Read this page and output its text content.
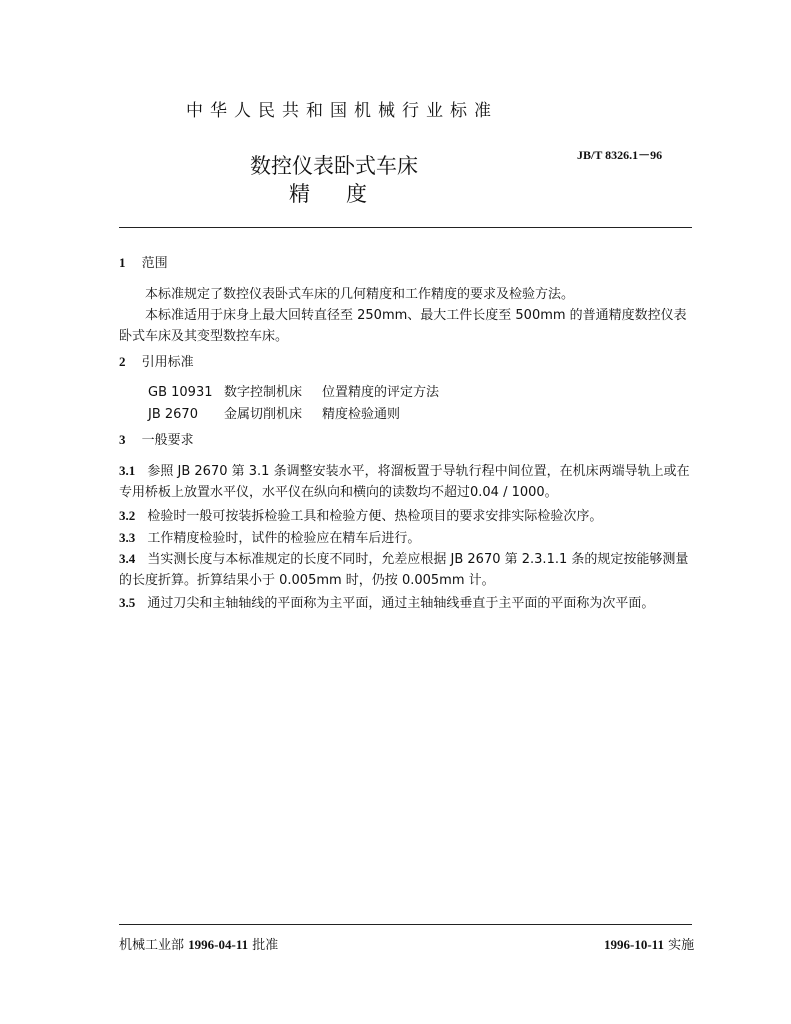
中华人民共和国机械行业标准
JB/T 8326.1－96
数控仪表卧式车床
精度
1 范围
本标准规定了数控仪表卧式车床的几何精度和工作精度的要求及检验方法。
本标准适用于床身上最大回转直径至 250mm、最大工件长度至 500mm 的普通精度数控仪表卧式车床及其变型数控车床。
2 引用标准
GB 10931 数字控制机床 位置精度的评定方法
JB 2670 金属切削机床 精度检验通则
3 一般要求
3.1 参照 JB 2670 第 3.1 条调整安装水平，将溜板置于导轨行程中间位置，在机床两端导轨上或在专用桥板上放置水平仪，水平仪在纵向和横向的读数均不超过0.04 / 1000。
3.2 检验时一般可按装拆检验工具和检验方便、热检项目的要求安排实际检验次序。
3.3 工作精度检验时，试件的检验应在精车后进行。
3.4 当实测长度与本标准规定的长度不同时，允差应根据 JB 2670 第 2.3.1.1 条的规定按能够测量的长度折算。折算结果小于 0.005mm 时，仍按 0.005mm 计。
3.5 通过刀尖和主轴轴线的平面称为主平面，通过主轴轴线垂直于主平面的平面称为次平面。
机械工业部 1996-04-11 批准	1996-10-11 实施
